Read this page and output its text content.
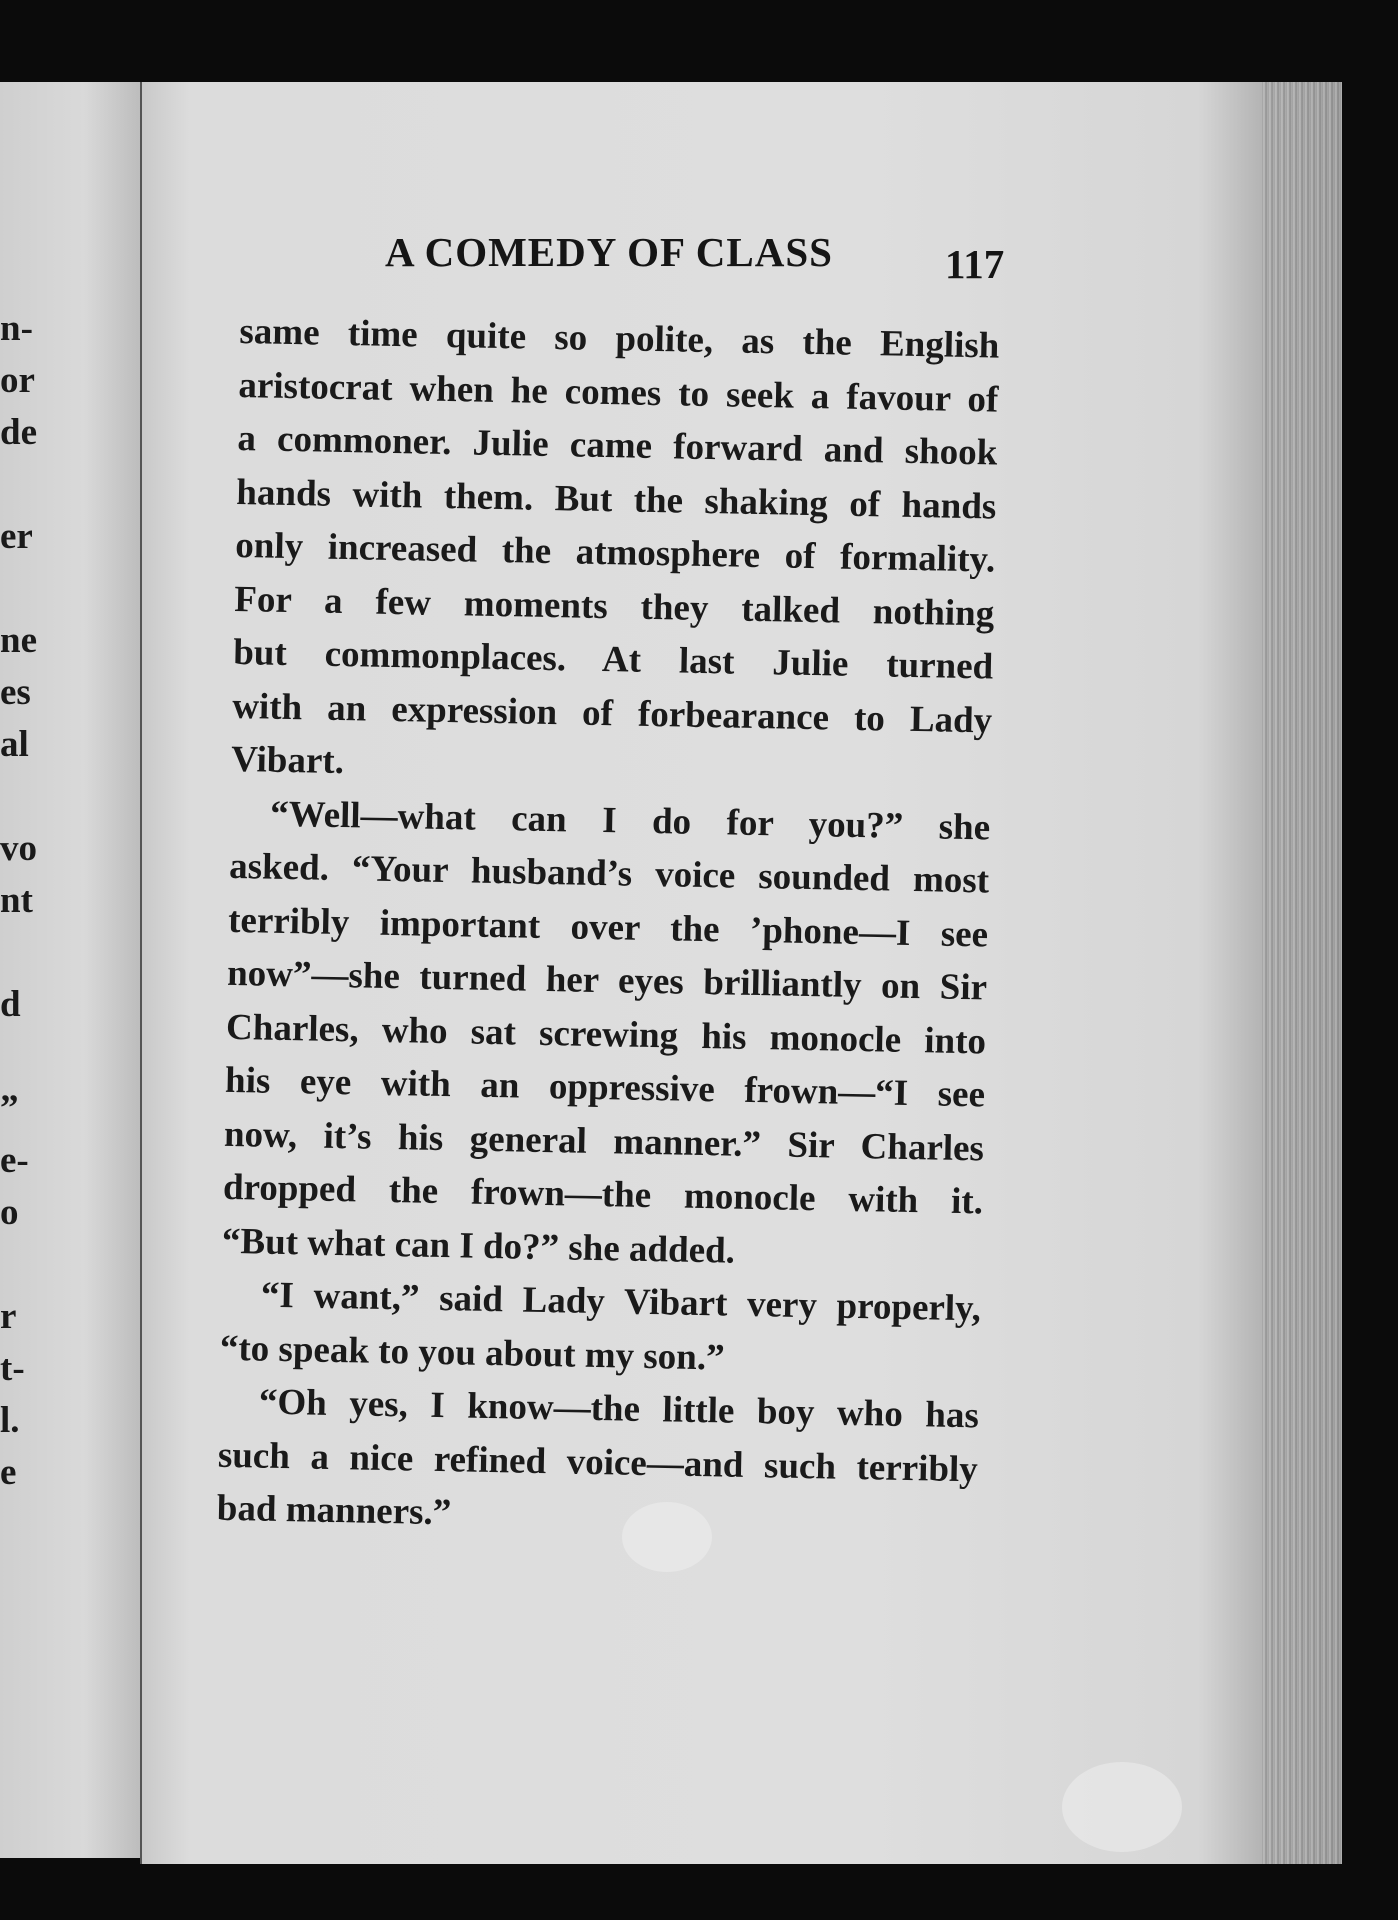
n-
or
de
er
ne
es
al
vo
nt
d
”
e-
o
r
t-
l.
e
A COMEDY OF CLASS	117
same time quite so polite, as the English
aristocrat when he comes to seek a favour of
a commoner. Julie came forward and shook
hands with them. But the shaking of hands
only increased the atmosphere of formality.
For a few moments they talked nothing
but commonplaces. At last Julie turned
with an expression of forbearance to Lady
Vibart.
“Well—what can I do for you?” she
asked. “Your husband’s voice sounded most
terribly important over the ’phone—I see
now”—she turned her eyes brilliantly on Sir
Charles, who sat screwing his monocle into
his eye with an oppressive frown—“I see
now, it’s his general manner.” Sir Charles
dropped the frown—the monocle with it.
“But what can I do?” she added.
“I want,” said Lady Vibart very properly,
“to speak to you about my son.”
“Oh yes, I know—the little boy who has
such a nice refined voice—and such terribly
bad manners.”
